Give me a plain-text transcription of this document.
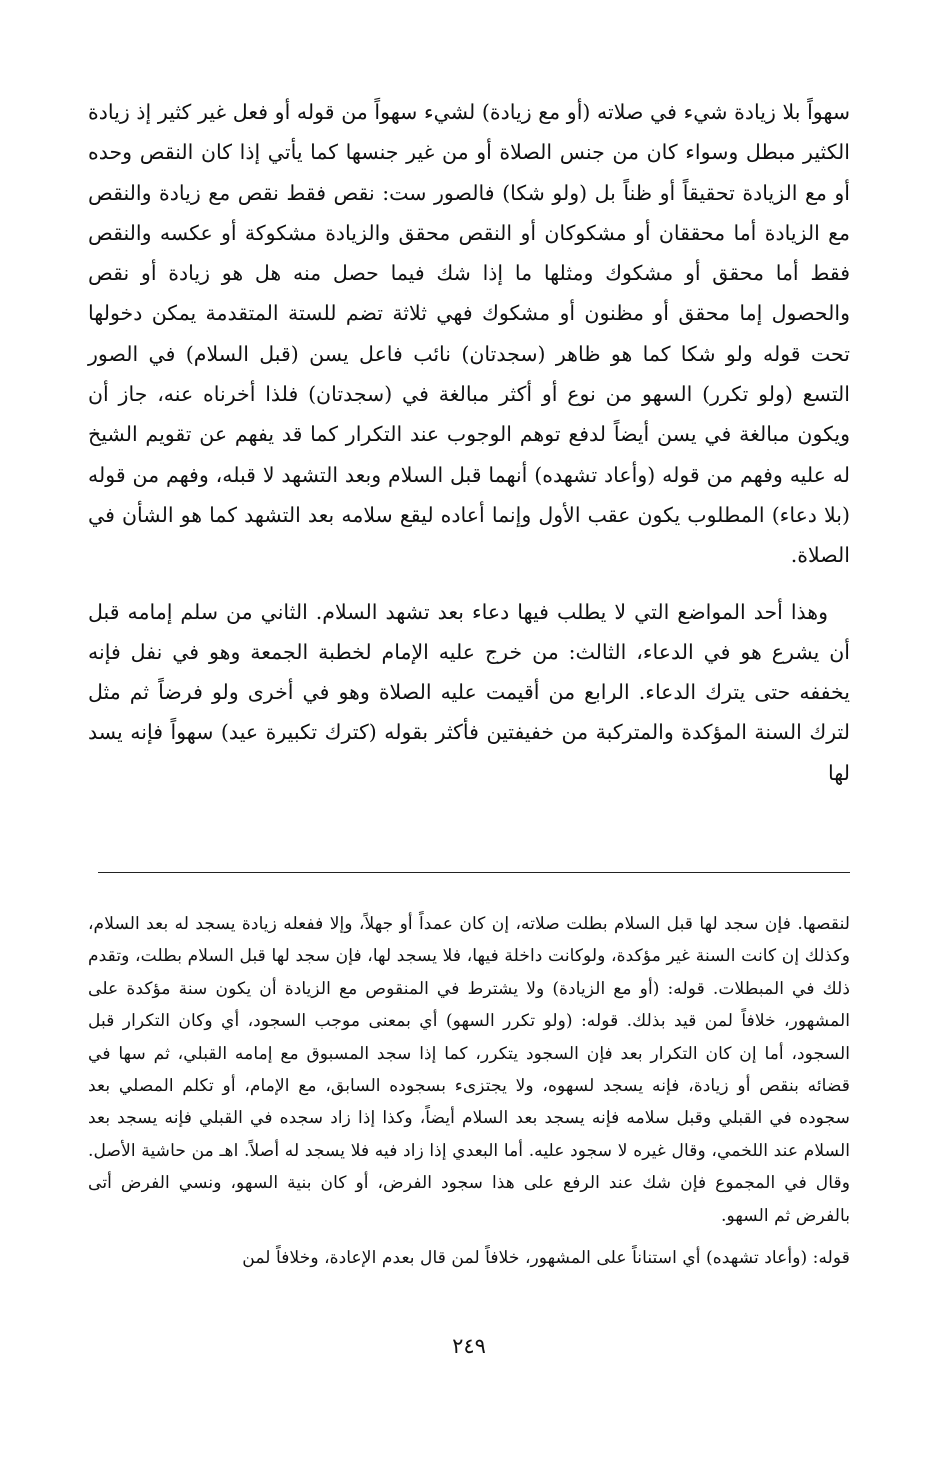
سهواً بلا زيادة شيء في صلاته (أو مع زيادة) لشيء سهواً من قوله أو فعل غير كثير إذ زيادة الكثير مبطل وسواء كان من جنس الصلاة أو من غير جنسها كما يأتي إذا كان النقص وحده أو مع الزيادة تحقيقاً أو ظناً بل (ولو شكا) فالصور ست: نقص فقط نقص مع زيادة والنقص مع الزيادة أما محققان أو مشكوكان أو النقص محقق والزيادة مشكوكة أو عكسه والنقص فقط أما محقق أو مشكوك ومثلها ما إذا شك فيما حصل منه هل هو زيادة أو نقص والحصول إما محقق أو مظنون أو مشكوك فهي ثلاثة تضم للستة المتقدمة يمكن دخولها تحت قوله ولو شكا كما هو ظاهر (سجدتان) نائب فاعل يسن (قبل السلام) في الصور التسع (ولو تكرر) السهو من نوع أو أكثر مبالغة في (سجدتان) فلذا أخرناه عنه، جاز أن ويكون مبالغة في يسن أيضاً لدفع توهم الوجوب عند التكرار كما قد يفهم عن تقويم الشيخ له عليه وفهم من قوله (وأعاد تشهده) أنهما قبل السلام وبعد التشهد لا قبله، وفهم من قوله (بلا دعاء) المطلوب يكون عقب الأول وإنما أعاده ليقع سلامه بعد التشهد كما هو الشأن في الصلاة.

وهذا أحد المواضع التي لا يطلب فيها دعاء بعد تشهد السلام. الثاني من سلم إمامه قبل أن يشرع هو في الدعاء، الثالث: من خرج عليه الإمام لخطبة الجمعة وهو في نفل فإنه يخففه حتى يترك الدعاء. الرابع من أقيمت عليه الصلاة وهو في أخرى ولو فرضاً ثم مثل لترك السنة المؤكدة والمتركبة من خفيفتين فأكثر بقوله (كترك تكبيرة عيد) سهواً فإنه يسد لها

لنقصها. فإن سجد لها قبل السلام بطلت صلاته، إن كان عمداً أو جهلاً، وإلا ففعله زيادة يسجد له بعد السلام، وكذلك إن كانت السنة غير مؤكدة، ولوكانت داخلة فيها، فلا يسجد لها، فإن سجد لها قبل السلام بطلت، وتقدم ذلك في المبطلات. قوله: (أو مع الزيادة) ولا يشترط في المنقوص مع الزيادة أن يكون سنة مؤكدة على المشهور، خلافاً لمن قيد بذلك. قوله: (ولو تكرر السهو) أي بمعنى موجب السجود، أي وكان التكرار قبل السجود، أما إن كان التكرار بعد فإن السجود يتكرر، كما إذا سجد المسبوق مع إمامه القبلي، ثم سها في قضائه بنقص أو زيادة، فإنه يسجد لسهوه، ولا يجتزىء بسجوده السابق، مع الإمام، أو تكلم المصلي بعد سجوده في القبلي وقبل سلامه فإنه يسجد بعد السلام أيضاً، وكذا إذا زاد سجده في القبلي فإنه يسجد بعد السلام عند اللخمي، وقال غيره لا سجود عليه. أما البعدي إذا زاد فيه فلا يسجد له أصلاً. اهـ من حاشية الأصل. وقال في المجموع فإن شك عند الرفع على هذا سجود الفرض، أو كان بنية السهو، ونسي الفرض أتى بالفرض ثم السهو.

قوله: (وأعاد تشهده) أي استناناً على المشهور، خلافاً لمن قال بعدم الإعادة، وخلافاً لمن

٢٤٩
